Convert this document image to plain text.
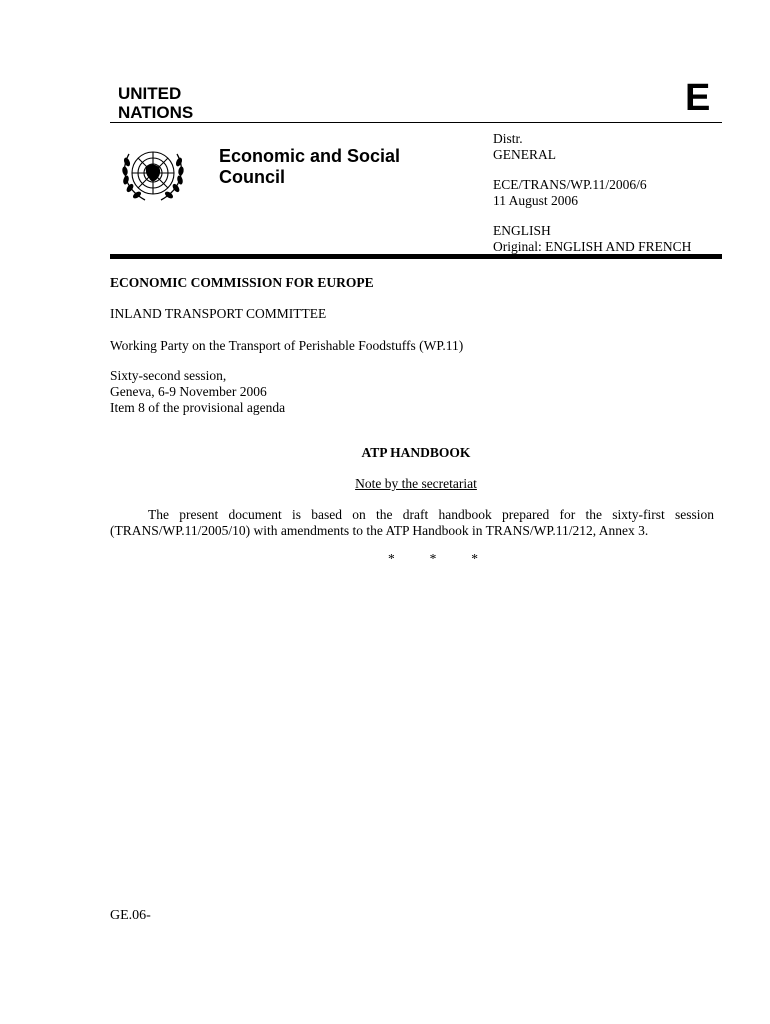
UNITED
NATIONS	E
Economic and Social
Council
Distr.
GENERAL
ECE/TRANS/WP.11/2006/6
11 August 2006
ENGLISH
Original: ENGLISH AND FRENCH
ECONOMIC COMMISSION FOR EUROPE
INLAND TRANSPORT COMMITTEE
Working Party on the Transport of Perishable Foodstuffs (WP.11)
Sixty-second session,
Geneva, 6-9 November 2006
Item 8 of the provisional agenda
ATP HANDBOOK
Note by the secretariat
The present document is based on the draft handbook prepared for the sixty-first session (TRANS/WP.11/2005/10) with amendments to the ATP Handbook in TRANS/WP.11/212, Annex 3.
*	*	*
GE.06-
